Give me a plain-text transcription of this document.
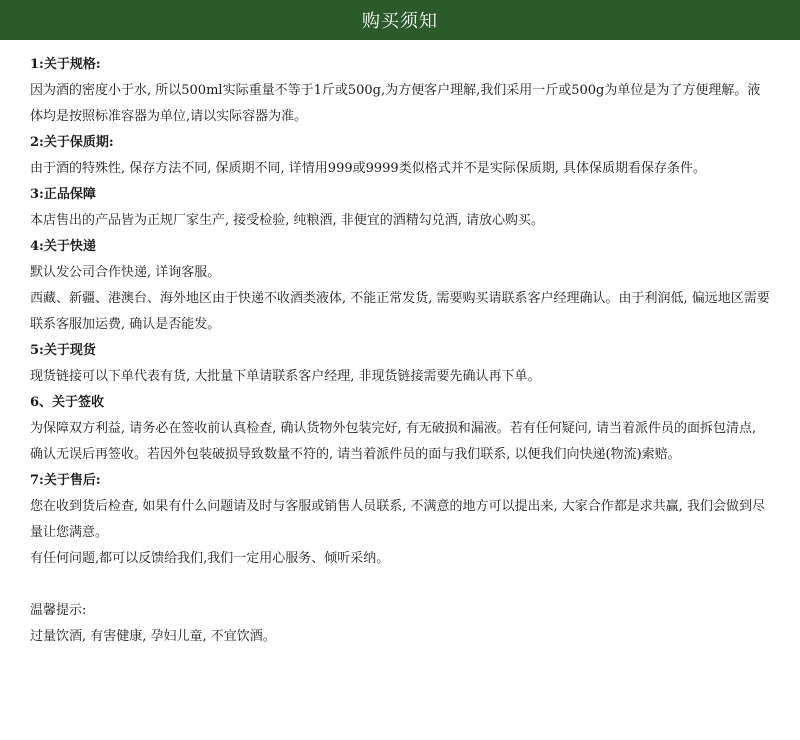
购买须知
1:关于规格:

因为酒的密度小于水, 所以500ml实际重量不等于1斤或500g,为方便客户理解,我们采用一斤或500g为单位是为了方便理解。液体均是按照标准容器为单位,请以实际容器为准。

2:关于保质期:

由于酒的特殊性, 保存方法不同, 保质期不同, 详情用999或9999类似格式并不是实际保质期, 具体保质期看保存条件。

3:正品保障

本店售出的产品皆为正规厂家生产, 接受检验, 纯粮酒, 非便宜的酒精勾兑酒, 请放心购买。

4:关于快递

默认发公司合作快递, 详询客服。

西藏、新疆、港澳台、海外地区由于快递不收酒类液体, 不能正常发货, 需要购买请联系客户经理确认。由于利润低, 偏远地区需要联系客服加运费, 确认是否能发。

5:关于现货

现货链接可以下单代表有货, 大批量下单请联系客户经理, 非现货链接需要先确认再下单。

6、关于签收

为保障双方利益, 请务必在签收前认真检查, 确认货物外包装完好, 有无破损和漏液。若有任何疑问, 请当着派件员的面拆包清点, 确认无误后再签收。若因外包装破损导致数量不符的, 请当着派件员的面与我们联系, 以便我们向快递(物流)索赔。

7:关于售后:

您在收到货后检查, 如果有什么问题请及时与客服或销售人员联系, 不满意的地方可以提出来, 大家合作都是求共赢, 我们会做到尽量让您满意。

有任何问题,都可以反馈给我们,我们一定用心服务、倾听采纳。

温馨提示:

过量饮酒, 有害健康, 孕妇儿童, 不宜饮酒。
